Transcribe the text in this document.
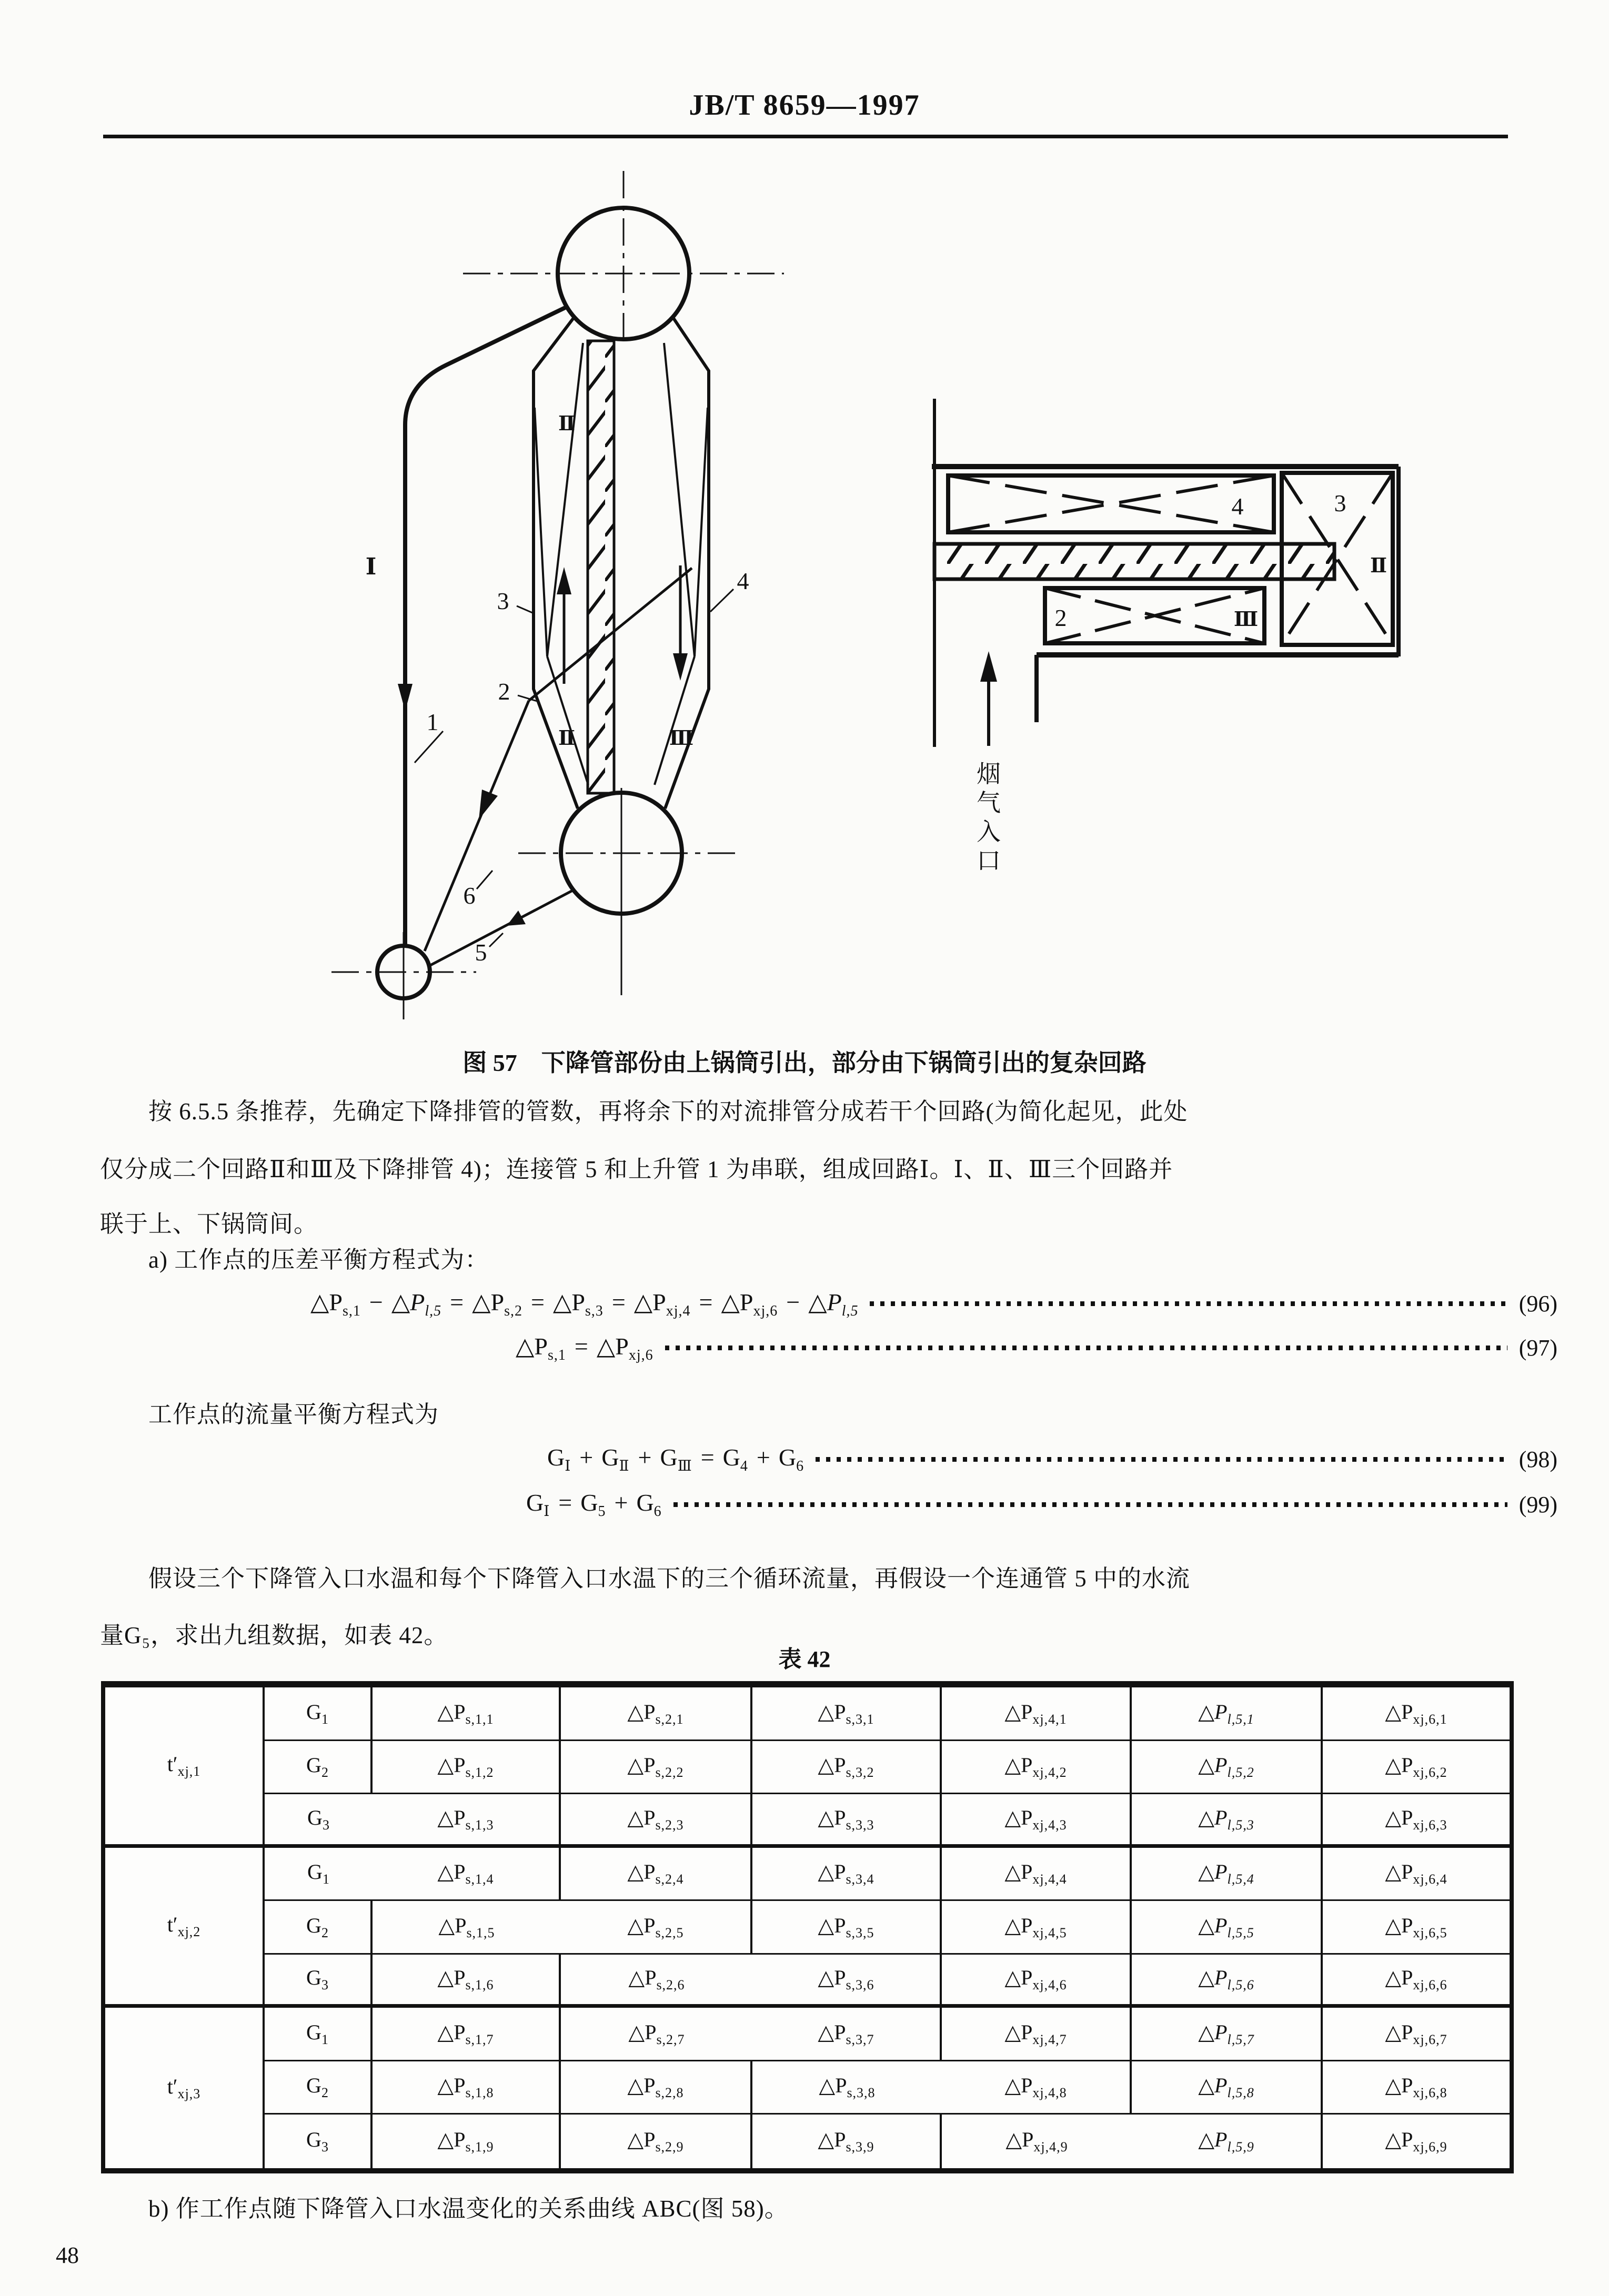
JB/T 8659—1997
Ⅰ
Ⅱ
Ⅱ	Ⅲ
1
2
3
4
5
6
4	3
2
Ⅱ
Ⅲ
烟气入口
图 57　下降管部份由上锅筒引出，部分由下锅筒引出的复杂回路
按 6.5.5 条推荐，先确定下降排管的管数，再将余下的对流排管分成若干个回路(为简化起见，此处
仅分成二个回路Ⅱ和Ⅲ及下降排管 4)；连接管 5 和上升管 1 为串联，组成回路Ⅰ。Ⅰ、Ⅱ、Ⅲ三个回路并
联于上、下锅筒间。
a) 工作点的压差平衡方程式为：
$\triangle P_{s,1}$ − $\triangle P_{l,5}$ = $\triangle P_{s,2}$ = $\triangle P_{s,3}$ = $\triangle P_{xj,4}$ = $\triangle P_{xj,6}$ − $\triangle P_{l,5}$	(96)
$\triangle P_{s,1}$ = $\triangle P_{xj,6}$	(97)
工作点的流量平衡方程式为
$G_Ⅰ + G_Ⅱ + G_Ⅲ = G_4 + G_6$	(98)
$G_Ⅰ = G_5 + G_6$	(99)
假设三个下降管入口水温和每个下降管入口水温下的三个循环流量，再假设一个连通管 5 中的水流
量G₅，求出九组数据，如表 42。
表 42
$t'_{xj,1}$
$G_1$	$\triangle P_{s,1,1}$	$\triangle P_{s,2,1}$	$\triangle P_{s,3,1}$	$\triangle P_{xj,4,1}$	$\triangle P_{l,5,1}$	$\triangle P_{xj,6,1}$
$G_2$	$\triangle P_{s,1,2}$	$\triangle P_{s,2,2}$	$\triangle P_{s,3,2}$	$\triangle P_{xj,4,2}$	$\triangle P_{l,5,2}$	$\triangle P_{xj,6,2}$
$G_3$	$\triangle P_{s,1,3}$	$\triangle P_{s,2,3}$	$\triangle P_{s,3,3}$	$\triangle P_{xj,4,3}$	$\triangle P_{l,5,3}$	$\triangle P_{xj,6,3}$
$t'_{xj,2}$
$G_1$	$\triangle P_{s,1,4}$	$\triangle P_{s,2,4}$	$\triangle P_{s,3,4}$	$\triangle P_{xj,4,4}$	$\triangle P_{l,5,4}$	$\triangle P_{xj,6,4}$
$G_2$	$\triangle P_{s,1,5}$	$\triangle P_{s,2,5}$	$\triangle P_{s,3,5}$	$\triangle P_{xj,4,5}$	$\triangle P_{l,5,5}$	$\triangle P_{xj,6,5}$
$G_3$	$\triangle P_{s,1,6}$	$\triangle P_{s,2,6}$	$\triangle P_{s,3,6}$	$\triangle P_{xj,4,6}$	$\triangle P_{l,5,6}$	$\triangle P_{xj,6,6}$
$t'_{xj,3}$
$G_1$	$\triangle P_{s,1,7}$	$\triangle P_{s,2,7}$	$\triangle P_{s,3,7}$	$\triangle P_{xj,4,7}$	$\triangle P_{l,5,7}$	$\triangle P_{xj,6,7}$
$G_2$	$\triangle P_{s,1,8}$	$\triangle P_{s,2,8}$	$\triangle P_{s,3,8}$	$\triangle P_{xj,4,8}$	$\triangle P_{l,5,8}$	$\triangle P_{xj,6,8}$
$G_3$	$\triangle P_{s,1,9}$	$\triangle P_{s,2,9}$	$\triangle P_{s,3,9}$	$\triangle P_{xj,4,9}$	$\triangle P_{l,5,9}$	$\triangle P_{xj,6,9}$
b) 作工作点随下降管入口水温变化的关系曲线 ABC(图 58)。
48
